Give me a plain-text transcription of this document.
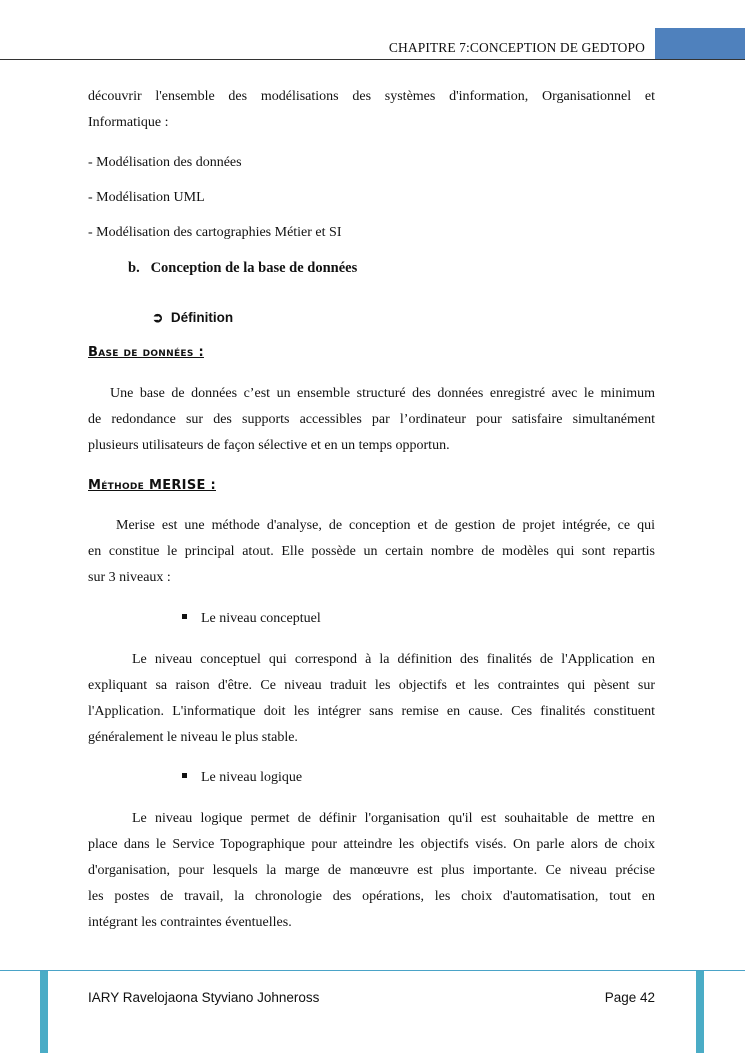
CHAPITRE 7:CONCEPTION DE GEDTOPO
découvrir l'ensemble des modélisations des systèmes d'information, Organisationnel et
Informatique :
- Modélisation des données
- Modélisation UML
- Modélisation des cartographies Métier et SI
b. Conception de la base de données
➲ Définition
Base de données :
Une base de données c’est un ensemble structuré des données enregistré avec le minimum
de redondance sur des supports accessibles par l’ordinateur pour satisfaire simultanément
plusieurs utilisateurs de façon sélective et en un temps opportun.
Méthode MERISE :
Merise est une méthode d'analyse, de conception et de gestion de projet intégrée, ce qui
en constitue le principal atout. Elle possède un certain nombre de modèles qui sont repartis
sur 3 niveaux :
Le niveau conceptuel
Le niveau conceptuel qui correspond à la définition des finalités de l'Application en
expliquant sa raison d'être. Ce niveau traduit les objectifs et les contraintes qui pèsent sur
l'Application. L'informatique doit les intégrer sans remise en cause. Ces finalités constituent
généralement le niveau le plus stable.
Le niveau logique
Le niveau logique permet de définir l'organisation qu'il est souhaitable de mettre en
place dans le Service Topographique pour atteindre les objectifs visés. On parle alors de choix
d'organisation, pour lesquels la marge de manœuvre est plus importante. Ce niveau précise
les postes de travail, la chronologie des opérations, les choix d'automatisation, tout en
intégrant les contraintes éventuelles.
IARY Ravelojaona Styviano Johneross	Page 42
